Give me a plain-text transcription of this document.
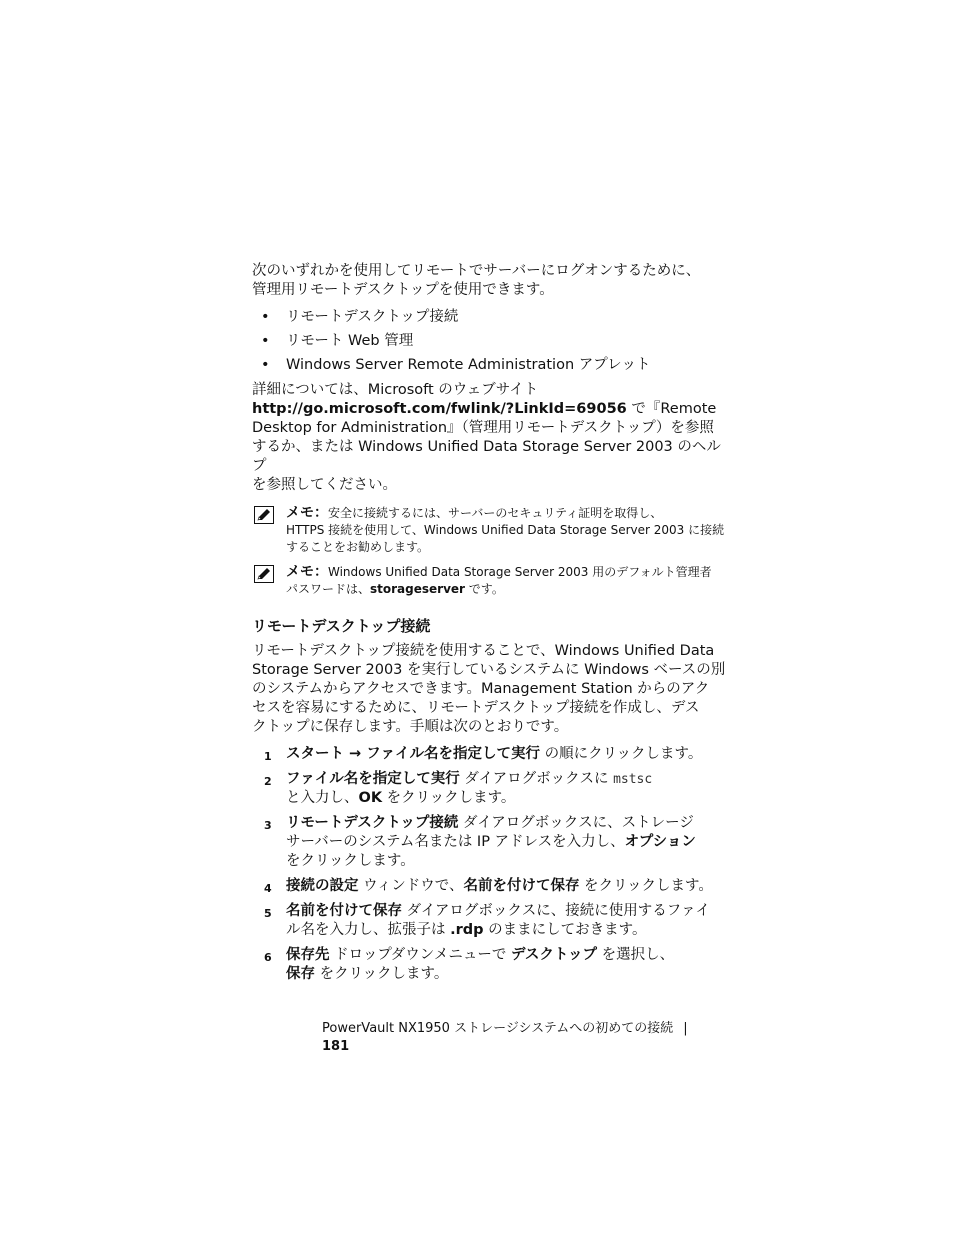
次のいずれかを使用してリモートでサーバーにログオンするために、
管理用リモートデスクトップを使用できます。

• リモートデスクトップ接続
• リモート Web 管理
• Windows Server Remote Administration アプレット

詳細については、Microsoft のウェブサイト
http://go.microsoft.com/fwlink/?LinkId=69056 で『Remote
Desktop for Administration』（管理用リモートデスクトップ）を参照
するか、または Windows Unified Data Storage Server 2003 のヘルプ
を参照してください。

メモ：安全に接続するには、サーバーのセキュリティ証明を取得し、
HTTPS 接続を使用して、Windows Unified Data Storage Server 2003 に接続
することをお勧めします。
メモ：Windows Unified Data Storage Server 2003 用のデフォルト管理者
パスワードは、storageserver です。
リモートデスクトップ接続

リモートデスクトップ接続を使用することで、Windows Unified Data
Storage Server 2003 を実行しているシステムに Windows ベースの別
のシステムからアクセスできます。Management Station からのアク
セスを容易にするために、リモートデスクトップ接続を作成し、デス
クトップに保存します。手順は次のとおりです。

1 スタート → ファイル名を指定して実行 の順にクリックします。
2 ファイル名を指定して実行 ダイアログボックスに mstsc
と入力し、OK をクリックします。
3 リモートデスクトップ接続 ダイアログボックスに、ストレージ
サーバーのシステム名または IP アドレスを入力し、オプション
をクリックします。
4 接続の設定 ウィンドウで、名前を付けて保存 をクリックします。
5 名前を付けて保存 ダイアログボックスに、接続に使用するファイ
ル名を入力し、拡張子は .rdp のままにしておきます。
6 保存先 ドロップダウンメニューで デスクトップ を選択し、
保存 をクリックします。
PowerVault NX1950 ストレージシステムへの初めての接続 |181
